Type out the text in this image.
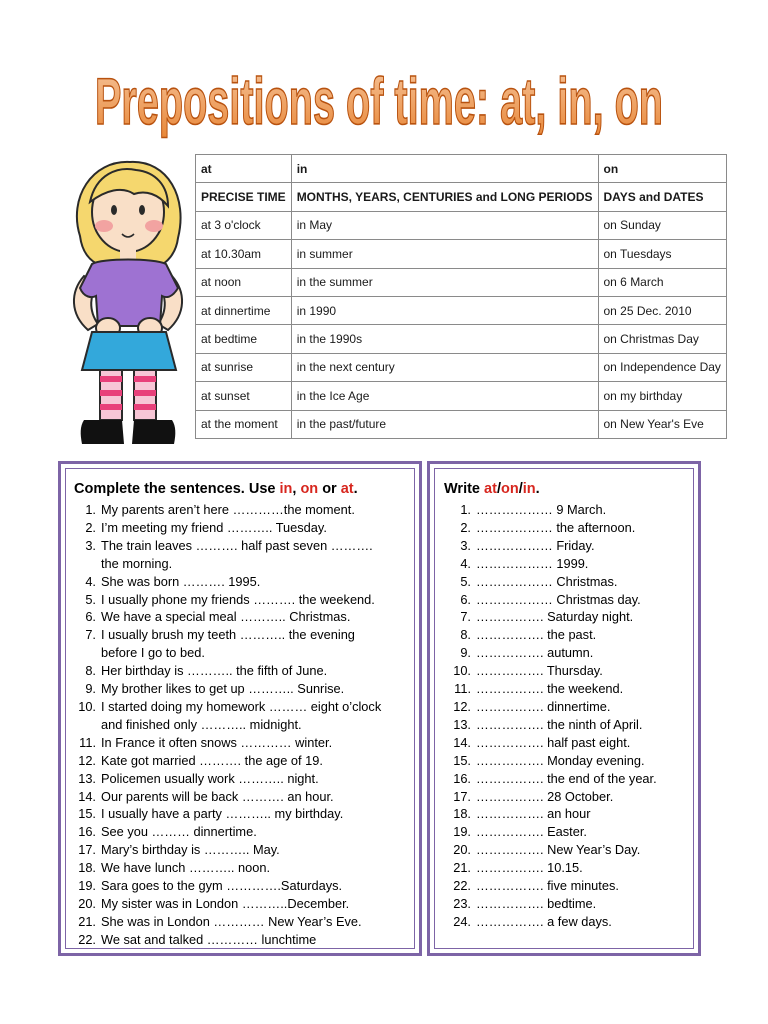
Prepositions of time: at, in, on
at	in	on
PRECISE TIME	MONTHS, YEARS, CENTURIES and LONG PERIODS	DAYS and DATES
at 3 o'clock	in May	on Sunday
at 10.30am	in summer	on Tuesdays
at noon	in the summer	on 6 March
at dinnertime	in 1990	on 25 Dec. 2010
at bedtime	in the 1990s	on Christmas Day
at sunrise	in the next century	on Independence Day
at sunset	in the Ice Age	on my birthday
at the moment	in the past/future	on New Year's Eve
Complete the sentences. Use in, on or at.
1. My parents aren’t here …………the moment.
2. I’m meeting my friend ……….. Tuesday.
3. The train leaves ………. half past seven ……….
the morning.
4. She was born ………. 1995.
5. I usually phone my friends ………. the weekend.
6. We have a special meal ……….. Christmas.
7. I usually brush my teeth ……….. the evening
before I go to bed.
8. Her birthday is ……….. the fifth of June.
9. My brother likes to get up ……….. Sunrise.
10. I started doing my homework ……… eight o’clock
and finished only ……….. midnight.
11. In France it often snows ………… winter.
12. Kate got married ………. the age of 19.
13. Policemen usually work ……….. night.
14. Our parents will be back ………. an hour.
15. I usually have a party ……….. my birthday.
16. See you ……… dinnertime.
17. Mary’s birthday is ……….. May.
18. We have lunch ……….. noon.
19. Sara goes to the gym ………….Saturdays.
20. My sister was in London ………..December.
21. She was in London ………… New Year’s Eve.
22. We sat and talked ………… lunchtime
Write at/on/in.
1. ……………… 9 March.
2. ……………… the afternoon.
3. ……………… Friday.
4. ……………… 1999.
5. ……………… Christmas.
6. ……………… Christmas day.
7. ……………. Saturday night.
8. ……………. the past.
9. ……………. autumn.
10. ……………. Thursday.
11. ……………. the weekend.
12. ……………. dinnertime.
13. ……………. the ninth of April.
14. ……………. half past eight.
15. ……………. Monday evening.
16. ……………. the end of the year.
17. ……………. 28 October.
18. ……………. an hour
19. ……………. Easter.
20. ……………. New Year’s Day.
21. ……………. 10.15.
22. ……………. five minutes.
23. ……………. bedtime.
24. ……………. a few days.
